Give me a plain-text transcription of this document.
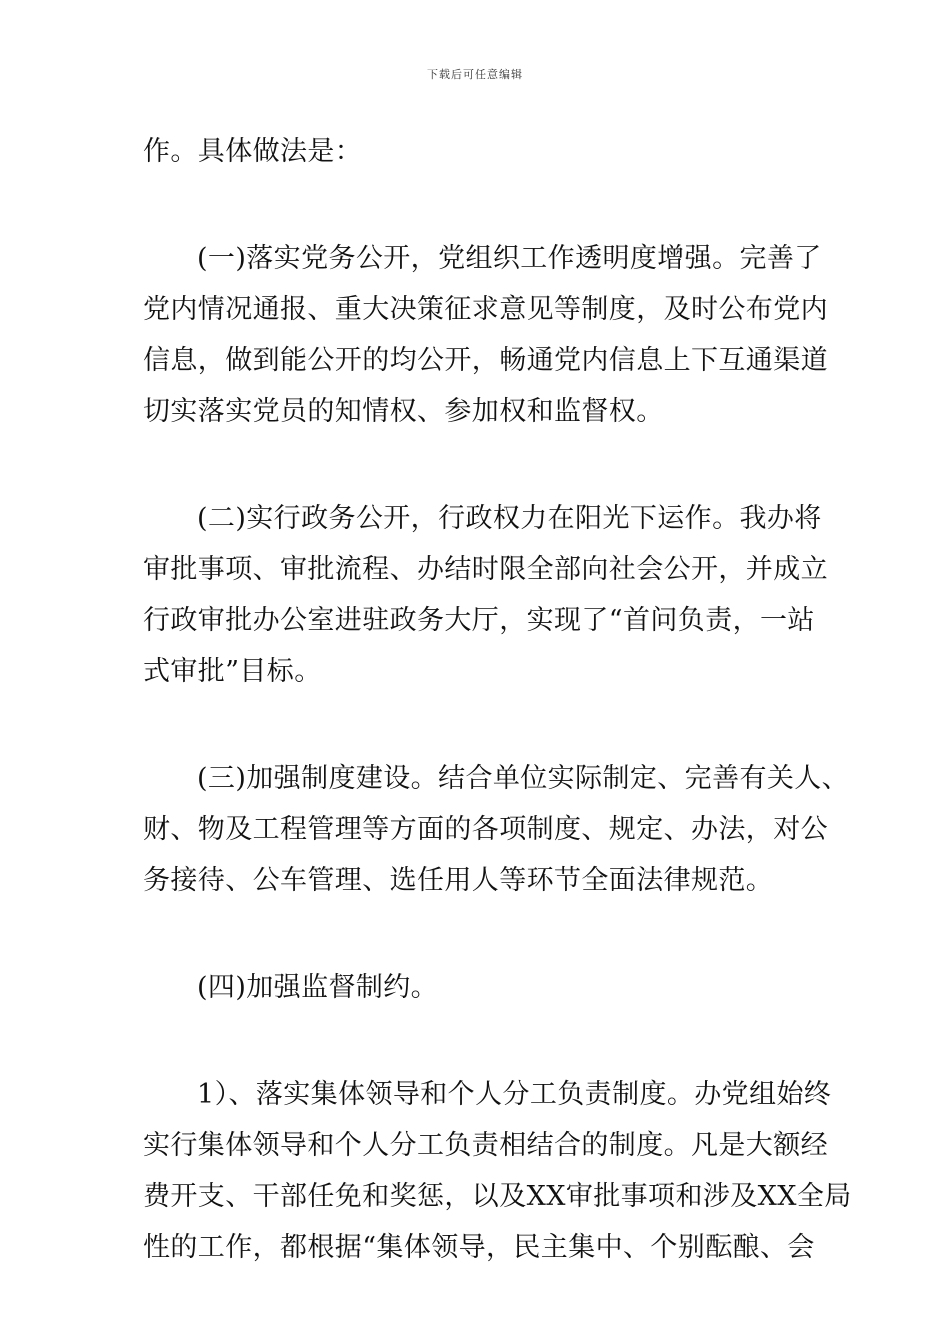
下载后可任意编辑
作。具体做法是：
(一)落实党务公开，党组织工作透明度增强。完善了
党内情况通报、重大决策征求意见等制度，及时公布党内
信息，做到能公开的均公开，畅通党内信息上下互通渠道
切实落实党员的知情权、参加权和监督权。
(二)实行政务公开，行政权力在阳光下运作。我办将
审批事项、审批流程、办结时限全部向社会公开，并成立
行政审批办公室进驻政务大厅，实现了“首问负责，一站
式审批”目标。
(三)加强制度建设。结合单位实际制定、完善有关人、
财、物及工程管理等方面的各项制度、规定、办法，对公
务接待、公车管理、选任用人等环节全面法律规范。
(四)加强监督制约。
1）、落实集体领导和个人分工负责制度。办党组始终
实行集体领导和个人分工负责相结合的制度。凡是大额经
费开支、干部任免和奖惩，以及XX审批事项和涉及XX全局
性的工作，都根据“集体领导，民主集中、个别酝酿、会
